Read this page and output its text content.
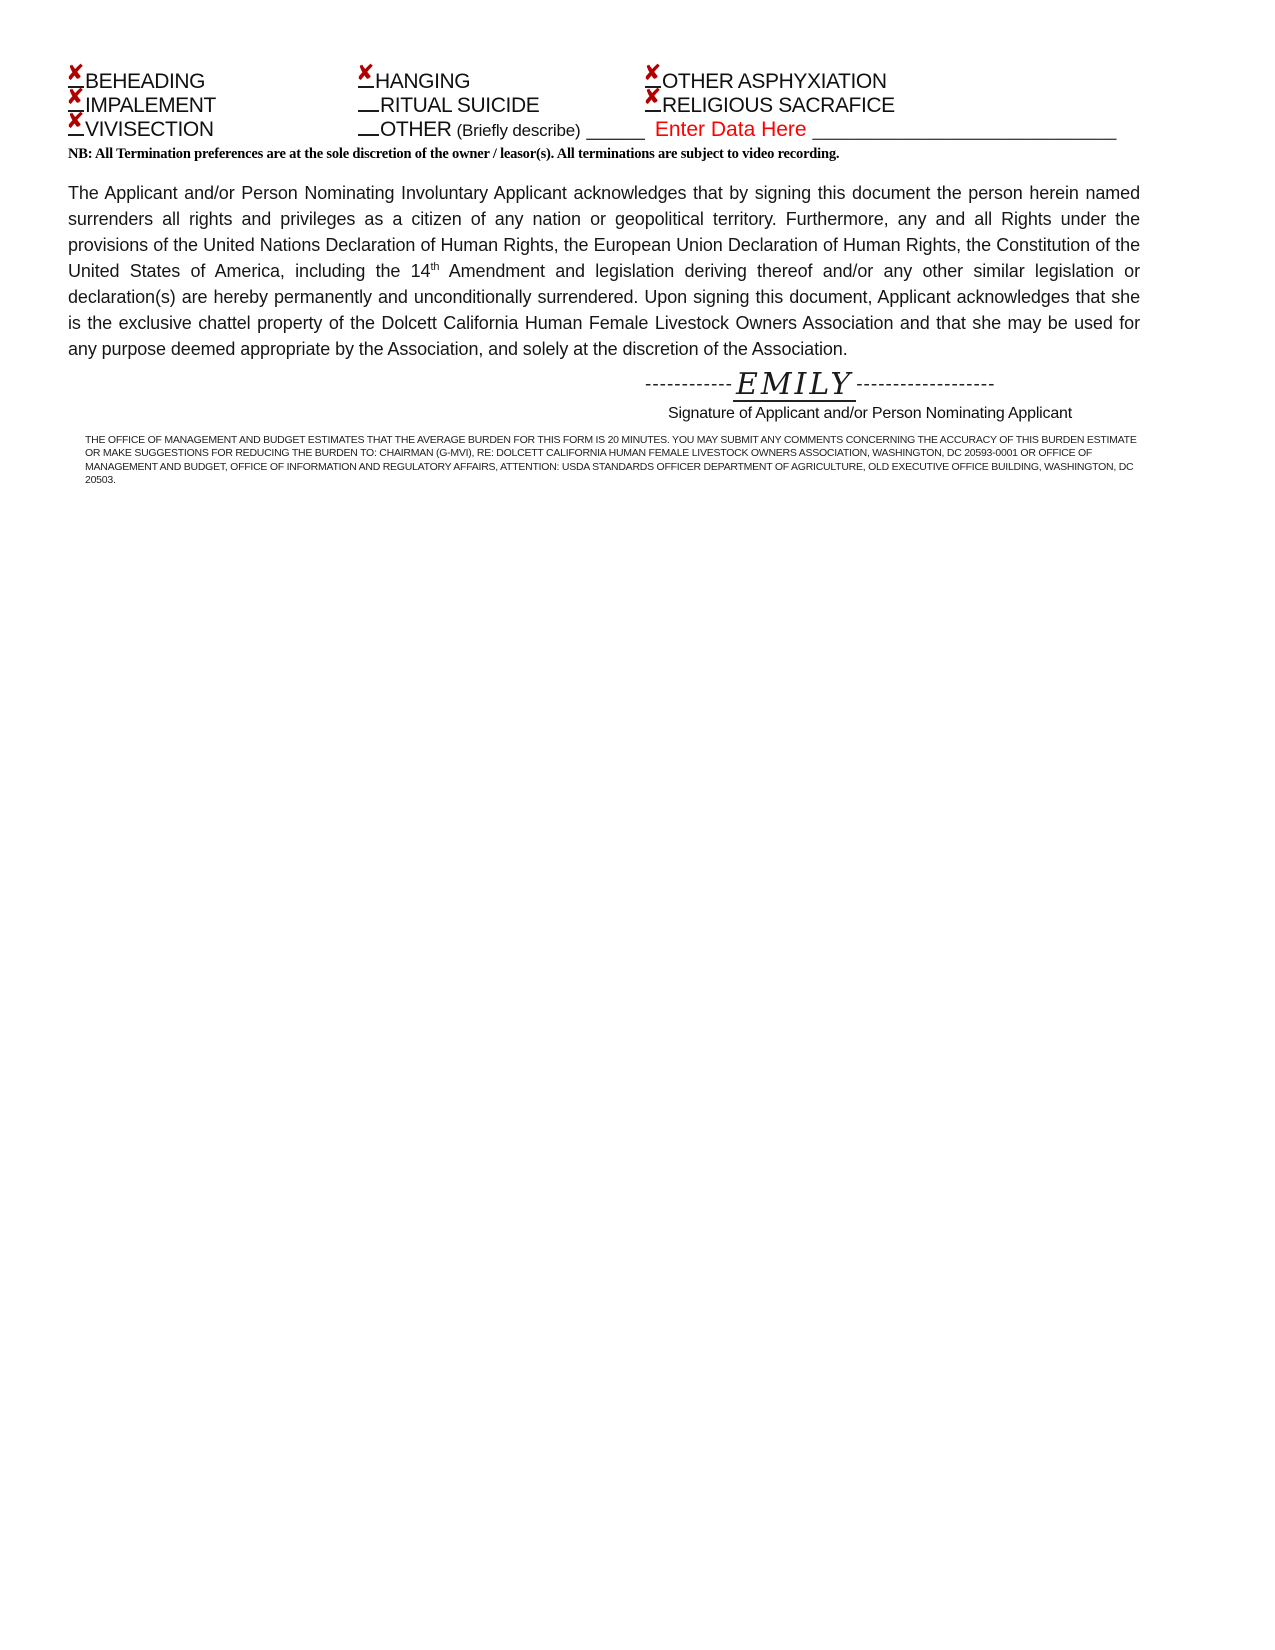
✘ BEHEADING	✘ HANGING	✘ OTHER ASPHYXIATION
✘ IMPALEMENT	RITUAL SUICIDE	✘ RELIGIOUS SACRAFICE
✘ VIVISECTION	OTHER (Briefly describe) _____ Enter Data Here __________________________
NB: All Termination preferences are at the sole discretion of the owner / leasor(s). All terminations are subject to video recording.
The Applicant and/or Person Nominating Involuntary Applicant acknowledges that by signing this document the person herein named surrenders all rights and privileges as a citizen of any nation or geopolitical territory. Furthermore, any and all Rights under the provisions of the United Nations Declaration of Human Rights, the European Union Declaration of Human Rights, the Constitution of the United States of America, including the 14th Amendment and legislation deriving thereof and/or any other similar legislation or declaration(s) are hereby permanently and unconditionally surrendered. Upon signing this document, Applicant acknowledges that she is the exclusive chattel property of the Dolcett California Human Female Livestock Owners Association and that she may be used for any purpose deemed appropriate by the Association, and solely at the discretion of the Association.
------------ EMILY -------------------
Signature of Applicant and/or Person Nominating Applicant
THE OFFICE OF MANAGEMENT AND BUDGET ESTIMATES THAT THE AVERAGE BURDEN FOR THIS FORM IS 20 MINUTES. YOU MAY SUBMIT ANY COMMENTS CONCERNING THE ACCURACY OF THIS BURDEN ESTIMATE OR MAKE SUGGESTIONS FOR REDUCING THE BURDEN TO: CHAIRMAN (G-MVI), RE: DOLCETT CALIFORNIA HUMAN FEMALE LIVESTOCK OWNERS ASSOCIATION, WASHINGTON, DC 20593-0001 OR OFFICE OF MANAGEMENT AND BUDGET, OFFICE OF INFORMATION AND REGULATORY AFFAIRS, ATTENTION: USDA STANDARDS OFFICER DEPARTMENT OF AGRICULTURE, OLD EXECUTIVE OFFICE BUILDING, WASHINGTON, DC 20503.
